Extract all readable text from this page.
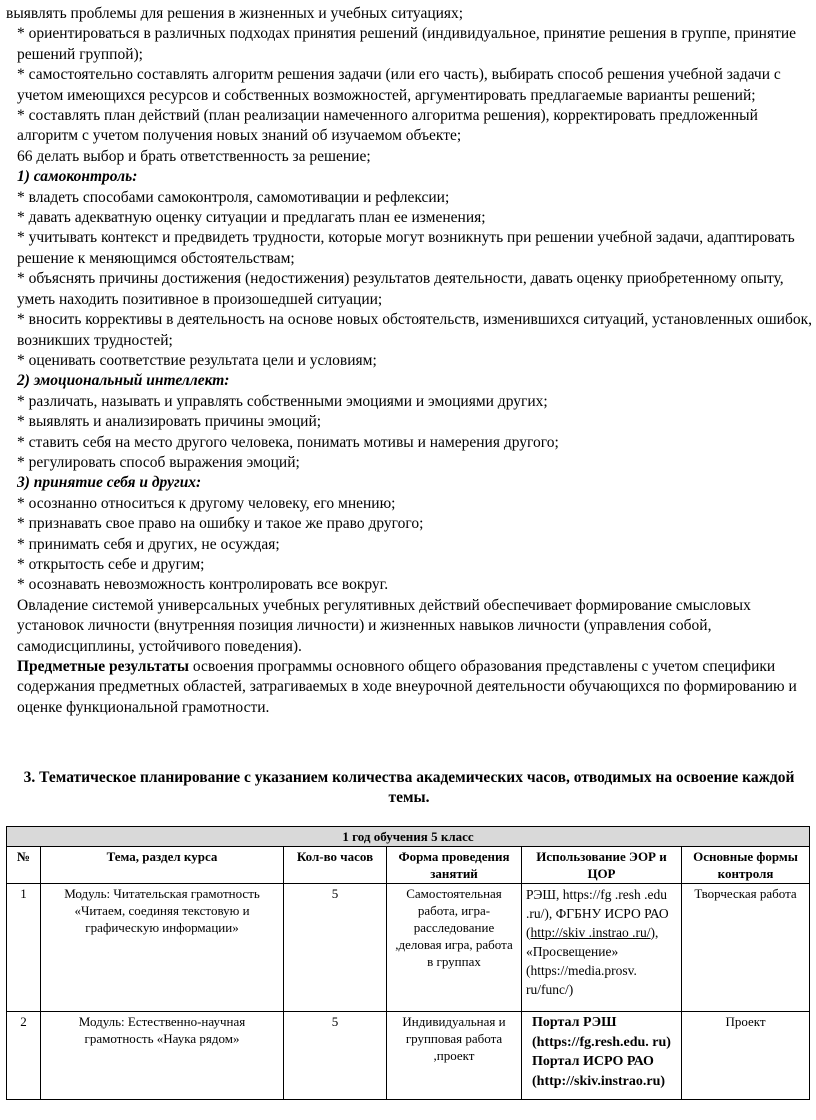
выявлять проблемы для решения в жизненных и учебных ситуациях;

* ориентироваться в различных подходах принятия решений (индивидуальное, принятие решения в группе, принятие решений группой);

* самостоятельно составлять алгоритм решения задачи (или его часть), выбирать способ решения учебной задачи с учетом имеющихся ресурсов и собственных возможностей, аргументировать предлагаемые варианты решений;

* составлять план действий (план реализации намеченного алгоритма решения), корректировать предложенный алгоритм с учетом получения новых знаний об изучаемом объекте;

66 делать выбор и брать ответственность за решение;

1) самоконтроль:

* владеть способами самоконтроля, самомотивации и рефлексии;

* давать адекватную оценку ситуации и предлагать план ее изменения;

* учитывать контекст и предвидеть трудности, которые могут возникнуть при решении учебной задачи, адаптировать решение к меняющимся обстоятельствам;

* объяснять причины достижения (недостижения) результатов деятельности, давать оценку приобретенному опыту,

уметь находить позитивное в произошедшей ситуации;

* вносить коррективы в деятельность на основе новых обстоятельств, изменившихся ситуаций, установленных ошибок, возникших трудностей;

* оценивать соответствие результата цели и условиям;

2) эмоциональный интеллект:

* различать, называть и управлять собственными эмоциями и эмоциями других;

* выявлять и анализировать причины эмоций;

* ставить себя на место другого человека, понимать мотивы и намерения другого;

* регулировать способ выражения эмоций;

3) принятие себя и других:

* осознанно относиться к другому человеку, его мнению;

* признавать свое право на ошибку и такое же право другого;

* принимать себя и других, не осуждая;

* открытость себе и другим;

* осознавать невозможность контролировать все вокруг.

Овладение системой универсальных учебных регулятивных действий обеспечивает формирование смысловых установок личности (внутренняя позиция личности) и жизненных навыков личности (управления собой, самодисциплины, устойчивого поведения).

Предметные результаты освоения программы основного общего образования представлены с учетом специфики содержания предметных областей, затрагиваемых в ходе внеурочной деятельности обучающихся по формированию и оценке функциональной грамотности.

3. Тематическое планирование с указанием количества академических часов, отводимых на освоение каждой темы.
1 год обучения 5 класс					
№	Тема, раздел курса	Кол-во часов	Форма проведения занятий	Использование ЭОР и ЦОР	Основные формы контроля
1	Модуль: Читательская грамотность «Читаем, соединяя текстовую и графическую информации»	5	Самостоятельная работа, игра-расследование ,деловая игра, работа в группах	РЭШ, https://fg .resh .edu .ru/), ФГБНУ ИСРО РАО (http://skiv .instrao .ru/), «Просвещение» (https://media.prosv. ru/func/)	Творческая работа
2	Модуль: Естественно-научная грамотность «Наука рядом»	5	Индивидуальная и групповая работа ,проект	Портал РЭШ (https://fg.resh.edu. ru) Портал ИСРО РАО (http://skiv.instrao.ru)	Проект
